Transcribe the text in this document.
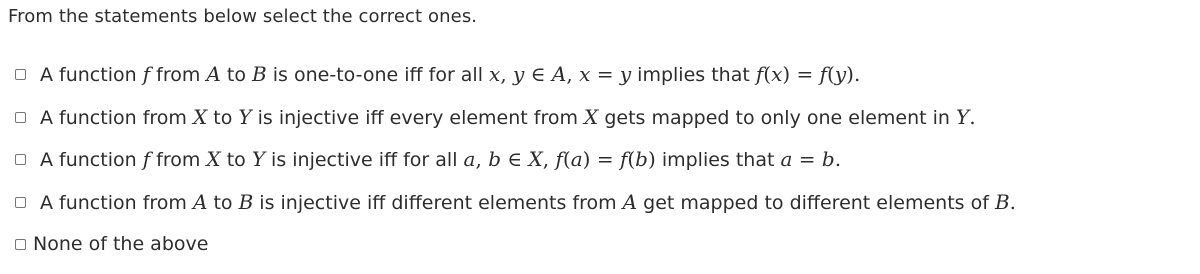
From the statements below select the correct ones.
A function f from A to B is one-to-one iff for all x, y ∈ A, x = y implies that f(x) = f(y).
A function from X to Y is injective iff every element from X gets mapped to only one element in Y.
A function f from X to Y is injective iff for all a, b ∈ X, f(a) = f(b) implies that a = b.
A function from A to B is injective iff different elements from A get mapped to different elements of B.
None of the above
